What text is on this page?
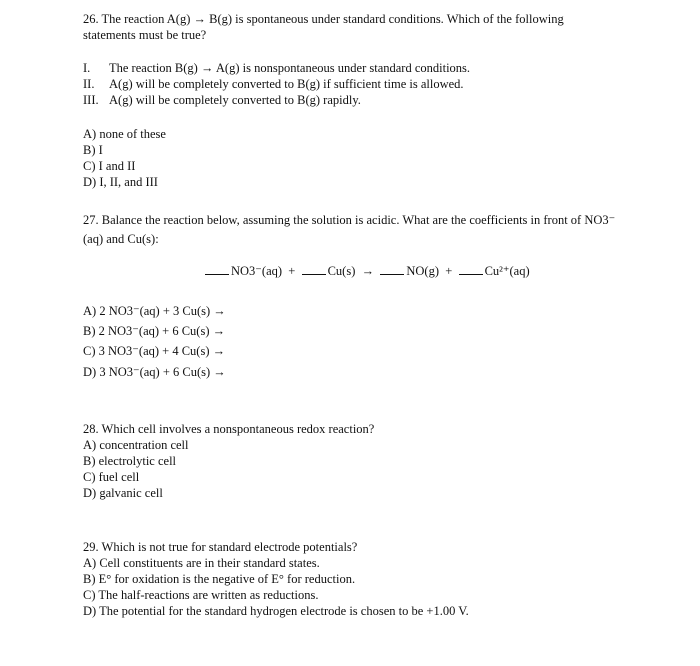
26. The reaction A(g) → B(g) is spontaneous under standard conditions. Which of the following
statements must be true?
I. The reaction B(g) → A(g) is nonspontaneous under standard conditions.
II. A(g) will be completely converted to B(g) if sufficient time is allowed.
III. A(g) will be completely converted to B(g) rapidly.
A) none of these
B) I
C) I and II
D) I, II, and III
27. Balance the reaction below, assuming the solution is acidic. What are the coefficients in front of NO3⁻
(aq) and Cu(s):
NO3⁻(aq) +	Cu(s) →	NO(g) +	Cu²⁺(aq)
A) 2 NO3⁻(aq) + 3 Cu(s) →
B) 2 NO3⁻(aq) + 6 Cu(s) →
C) 3 NO3⁻(aq) + 4 Cu(s) →
D) 3 NO3⁻(aq) + 6 Cu(s) →
28. Which cell involves a nonspontaneous redox reaction?
A) concentration cell
B) electrolytic cell
C) fuel cell
D) galvanic cell
29. Which is not true for standard electrode potentials?
A) Cell constituents are in their standard states.
B) E° for oxidation is the negative of E° for reduction.
C) The half-reactions are written as reductions.
D) The potential for the standard hydrogen electrode is chosen to be +1.00 V.
